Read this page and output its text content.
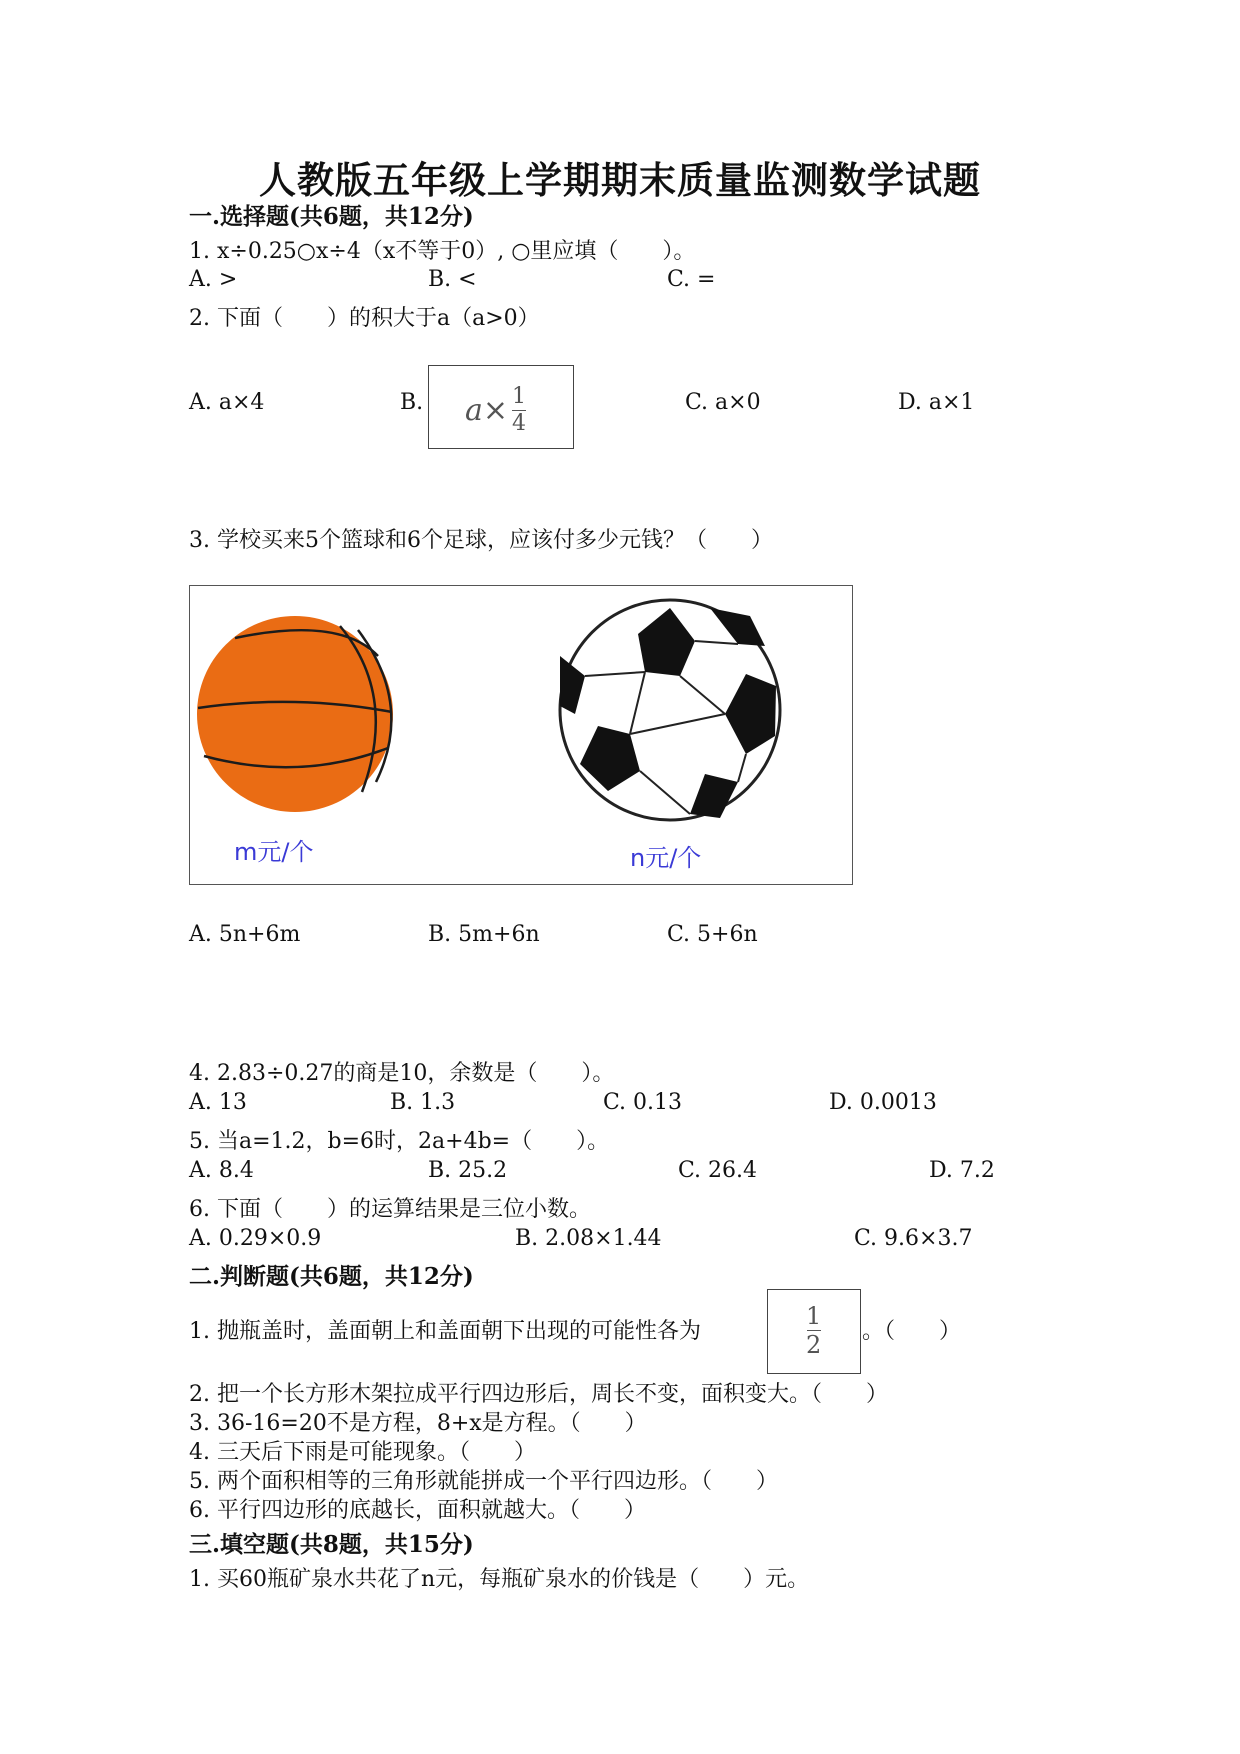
人教版五年级上学期期末质量监测数学试题
一.选择题(共6题，共12分)
1. x÷0.25○x÷4（x不等于0）, ○里应填（　　）。
A. >	B. <	C. =
2. 下面（　　）的积大于a（a>0）
A. a×4	B. $a\times \frac{1}{4}$	C. a×0	D. a×1
3. 学校买来5个篮球和6个足球，应该付多少元钱？（　　）
m元/个	n元/个
A. 5n+6m	B. 5m+6n	C. 5+6n
4. 2.83÷0.27的商是10，余数是（　　）。
A. 13	B. 1.3	C. 0.13	D. 0.0013
5. 当a=1.2，b=6时，2a+4b=（　　）。
A. 8.4	B. 25.2	C. 26.4	D. 7.2
6. 下面（　　）的运算结果是三位小数。
A. 0.29×0.9	B. 2.08×1.44	C. 9.6×3.7
二.判断题(共6题，共12分)
1. 抛瓶盖时，盖面朝上和盖面朝下出现的可能性各为
1
2 。（　　）
2. 把一个长方形木架拉成平行四边形后，周长不变，面积变大。（　　）
3. 36-16=20不是方程，8+x是方程。（　　）
4. 三天后下雨是可能现象。（　　）
5. 两个面积相等的三角形就能拼成一个平行四边形。（　　）
6. 平行四边形的底越长，面积就越大。（　　）
三.填空题(共8题，共15分)
1. 买60瓶矿泉水共花了n元，每瓶矿泉水的价钱是（　　）元。
